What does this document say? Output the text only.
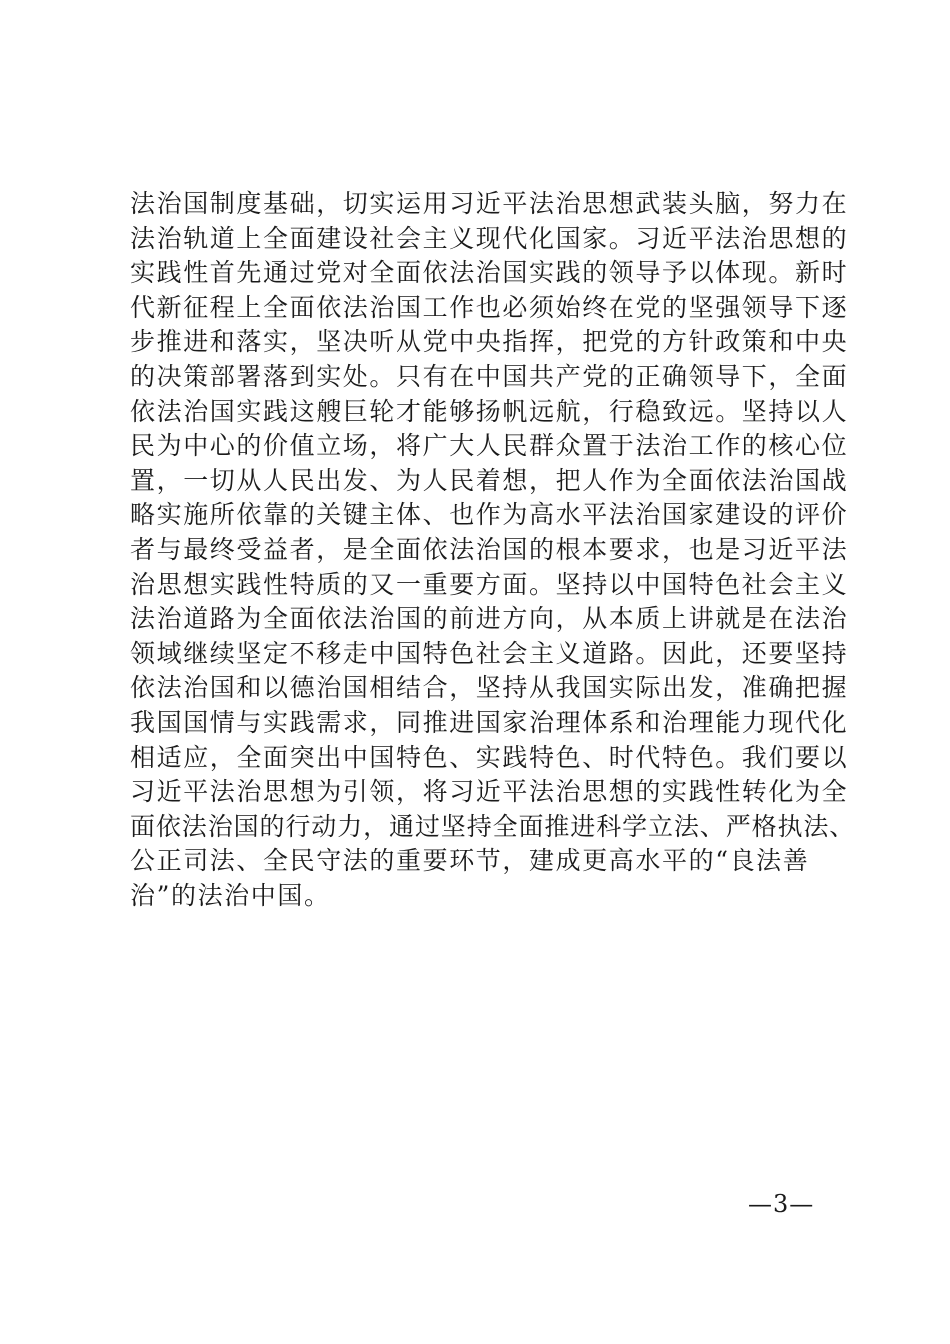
法治国制度基础，切实运用习近平法治思想武装头脑，努力在
法治轨道上全面建设社会主义现代化国家。习近平法治思想的
实践性首先通过党对全面依法治国实践的领导予以体现。新时
代新征程上全面依法治国工作也必须始终在党的坚强领导下逐
步推进和落实，坚决听从党中央指挥，把党的方针政策和中央
的决策部署落到实处。只有在中国共产党的正确领导下，全面
依法治国实践这艘巨轮才能够扬帆远航，行稳致远。坚持以人
民为中心的价值立场，将广大人民群众置于法治工作的核心位
置，一切从人民出发、为人民着想，把人作为全面依法治国战
略实施所依靠的关键主体、也作为高水平法治国家建设的评价
者与最终受益者，是全面依法治国的根本要求，也是习近平法
治思想实践性特质的又一重要方面。坚持以中国特色社会主义
法治道路为全面依法治国的前进方向，从本质上讲就是在法治
领域继续坚定不移走中国特色社会主义道路。因此，还要坚持
依法治国和以德治国相结合，坚持从我国实际出发，准确把握
我国国情与实践需求，同推进国家治理体系和治理能力现代化
相适应，全面突出中国特色、实践特色、时代特色。我们要以
习近平法治思想为引领，将习近平法治思想的实践性转化为全
面依法治国的行动力，通过坚持全面推进科学立法、严格执法、
公正司法、全民守法的重要环节，建成更高水平的“良法善
治”的法治中国。
—3—
